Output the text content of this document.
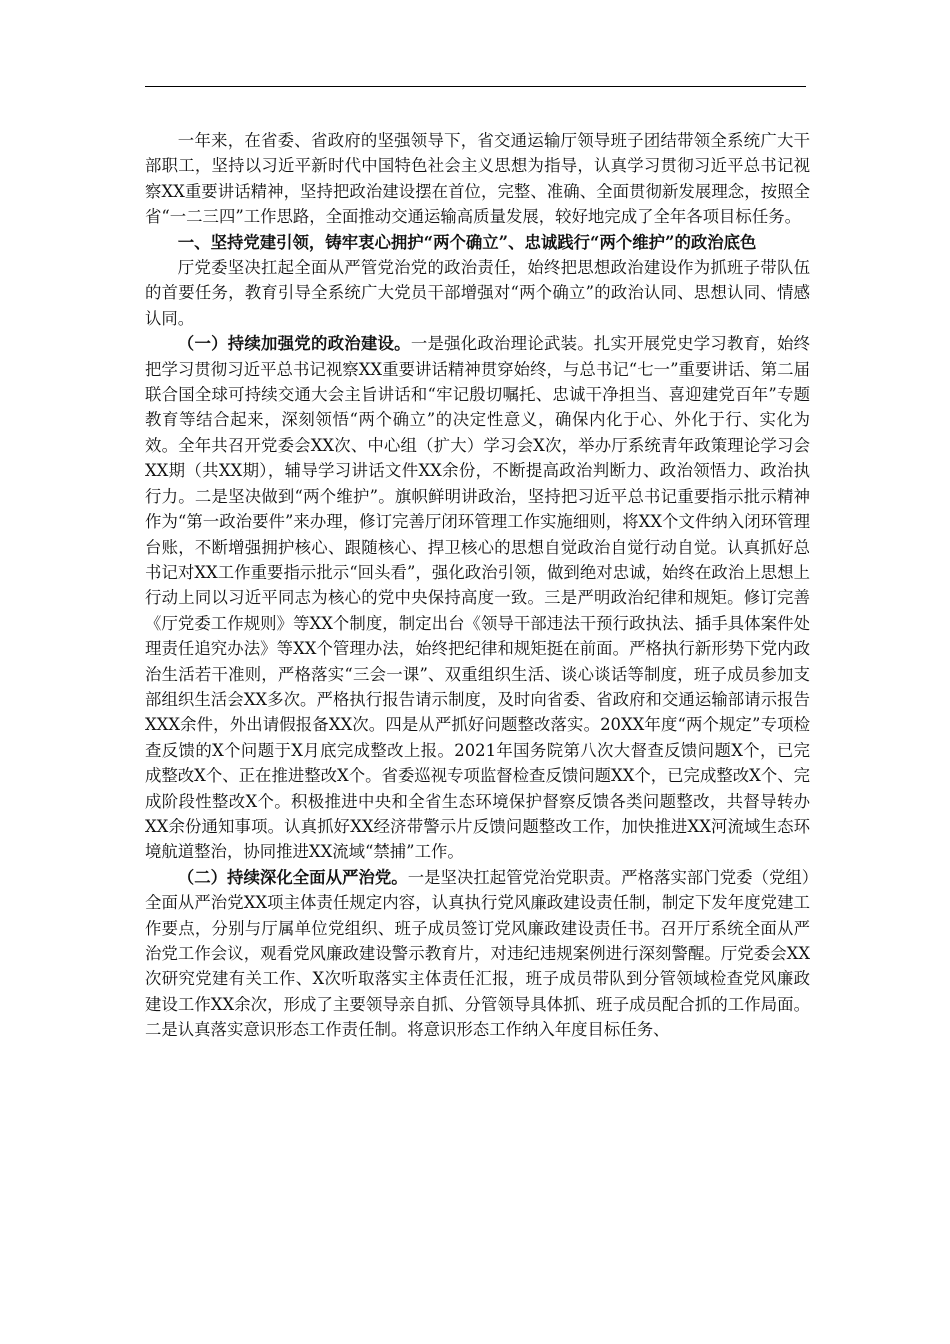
一年来，在省委、省政府的坚强领导下，省交通运输厅领导班子团结带领全系统广大干部职工，坚持以习近平新时代中国特色社会主义思想为指导，认真学习贯彻习近平总书记视察XX重要讲话精神，坚持把政治建设摆在首位，完整、准确、全面贯彻新发展理念，按照全省“一二三四”工作思路，全面推动交通运输高质量发展，较好地完成了全年各项目标任务。

一、坚持党建引领，铸牢衷心拥护“两个确立”、忠诚践行“两个维护”的政治底色

厅党委坚决扛起全面从严管党治党的政治责任，始终把思想政治建设作为抓班子带队伍的首要任务，教育引导全系统广大党员干部增强对“两个确立”的政治认同、思想认同、情感认同。

（一）持续加强党的政治建设。一是强化政治理论武装。扎实开展党史学习教育，始终把学习贯彻习近平总书记视察XX重要讲话精神贯穿始终，与总书记“七一”重要讲话、第二届联合国全球可持续交通大会主旨讲话和“牢记殷切嘱托、忠诚干净担当、喜迎建党百年”专题教育等结合起来，深刻领悟“两个确立”的决定性意义，确保内化于心、外化于行、实化为效。全年共召开党委会XX次、中心组（扩大）学习会X次，举办厅系统青年政策理论学习会XX期（共XX期），辅导学习讲话文件XX余份，不断提高政治判断力、政治领悟力、政治执行力。二是坚决做到“两个维护”。旗帜鲜明讲政治，坚持把习近平总书记重要指示批示精神作为“第一政治要件”来办理，修订完善厅闭环管理工作实施细则，将XX个文件纳入闭环管理台账，不断增强拥护核心、跟随核心、捍卫核心的思想自觉政治自觉行动自觉。认真抓好总书记对XX工作重要指示批示“回头看”，强化政治引领，做到绝对忠诚，始终在政治上思想上行动上同以习近平同志为核心的党中央保持高度一致。三是严明政治纪律和规矩。修订完善《厅党委工作规则》等XX个制度，制定出台《领导干部违法干预行政执法、插手具体案件处理责任追究办法》等XX个管理办法，始终把纪律和规矩挺在前面。严格执行新形势下党内政治生活若干准则，严格落实“三会一课”、双重组织生活、谈心谈话等制度，班子成员参加支部组织生活会XX多次。严格执行报告请示制度，及时向省委、省政府和交通运输部请示报告XXX余件，外出请假报备XX次。四是从严抓好问题整改落实。20XX年度“两个规定”专项检查反馈的X个问题于X月底完成整改上报。2021年国务院第八次大督查反馈问题X个，已完成整改X个、正在推进整改X个。省委巡视专项监督检查反馈问题XX个，已完成整改X个、完成阶段性整改X个。积极推进中央和全省生态环境保护督察反馈各类问题整改，共督导转办XX余份通知事项。认真抓好XX经济带警示片反馈问题整改工作，加快推进XX河流域生态环境航道整治，协同推进XX流域“禁捕”工作。

（二）持续深化全面从严治党。一是坚决扛起管党治党职责。严格落实部门党委（党组）全面从严治党XX项主体责任规定内容，认真执行党风廉政建设责任制，制定下发年度党建工作要点，分别与厅属单位党组织、班子成员签订党风廉政建设责任书。召开厅系统全面从严治党工作会议，观看党风廉政建设警示教育片，对违纪违规案例进行深刻警醒。厅党委会XX次研究党建有关工作、X次听取落实主体责任汇报，班子成员带队到分管领域检查党风廉政建设工作XX余次，形成了主要领导亲自抓、分管领导具体抓、班子成员配合抓的工作局面。二是认真落实意识形态工作责任制。将意识形态工作纳入年度目标任务、
